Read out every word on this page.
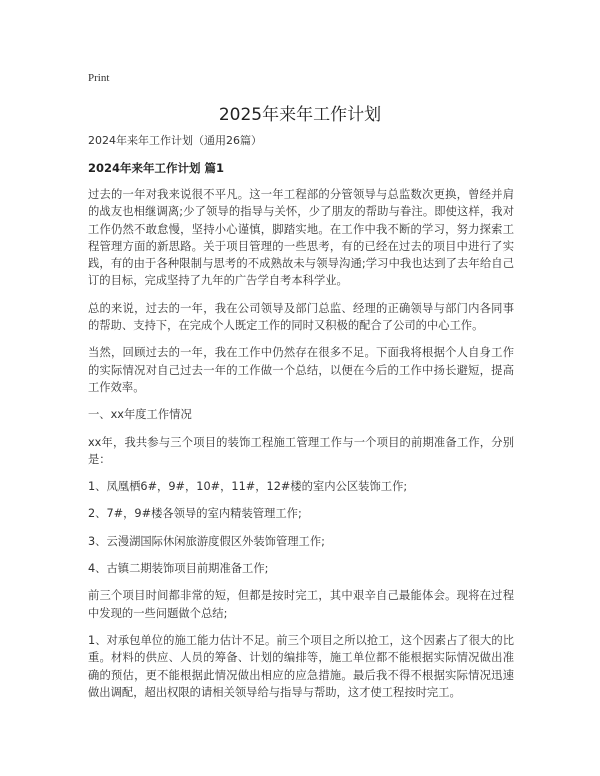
Print
2025年来年工作计划

2024年来年工作计划（通用26篇）

2024年来年工作计划 篇1

过去的一年对我来说很不平凡。这一年工程部的分管领导与总监数次更换，曾经并肩的战友也相继调离;少了领导的指导与关怀，少了朋友的帮助与眷注。即使这样，我对工作仍然不敢怠慢，坚持小心谨慎，脚踏实地。在工作中我不断的学习，努力探索工程管理方面的新思路。关于项目管理的一些思考，有的已经在过去的项目中进行了实践，有的由于各种限制与思考的不成熟故未与领导沟通;学习中我也达到了去年给自己订的目标，完成坚持了九年的广告学自考本科学业。

总的来说，过去的一年，我在公司领导及部门总监、经理的正确领导与部门内各同事的帮助、支持下，在完成个人既定工作的同时又积极的配合了公司的中心工作。

当然，回顾过去的一年，我在工作中仍然存在很多不足。下面我将根据个人自身工作的实际情况对自己过去一年的工作做一个总结，以便在今后的工作中扬长避短，提高工作效率。

一、xx年度工作情况

xx年，我共参与三个项目的装饰工程施工管理工作与一个项目的前期准备工作，分别是：

1、凤凰栖6#，9#，10#，11#，12#楼的室内公区装饰工作;

2、7#，9#楼各领导的室内精装管理工作;

3、云漫湖国际休闲旅游度假区外装饰管理工作;

4、古镇二期装饰项目前期准备工作;

前三个项目时间都非常的短，但都是按时完工，其中艰辛自己最能体会。现将在过程中发现的一些问题做个总结;

1、对承包单位的施工能力估计不足。前三个项目之所以抢工，这个因素占了很大的比重。材料的供应、人员的筹备、计划的编排等，施工单位都不能根据实际情况做出准确的预估，更不能根据此情况做出相应的应急措施。最后我不得不根据实际情况迅速做出调配，超出权限的请相关领导给与指导与帮助，这才使工程按时完工。
